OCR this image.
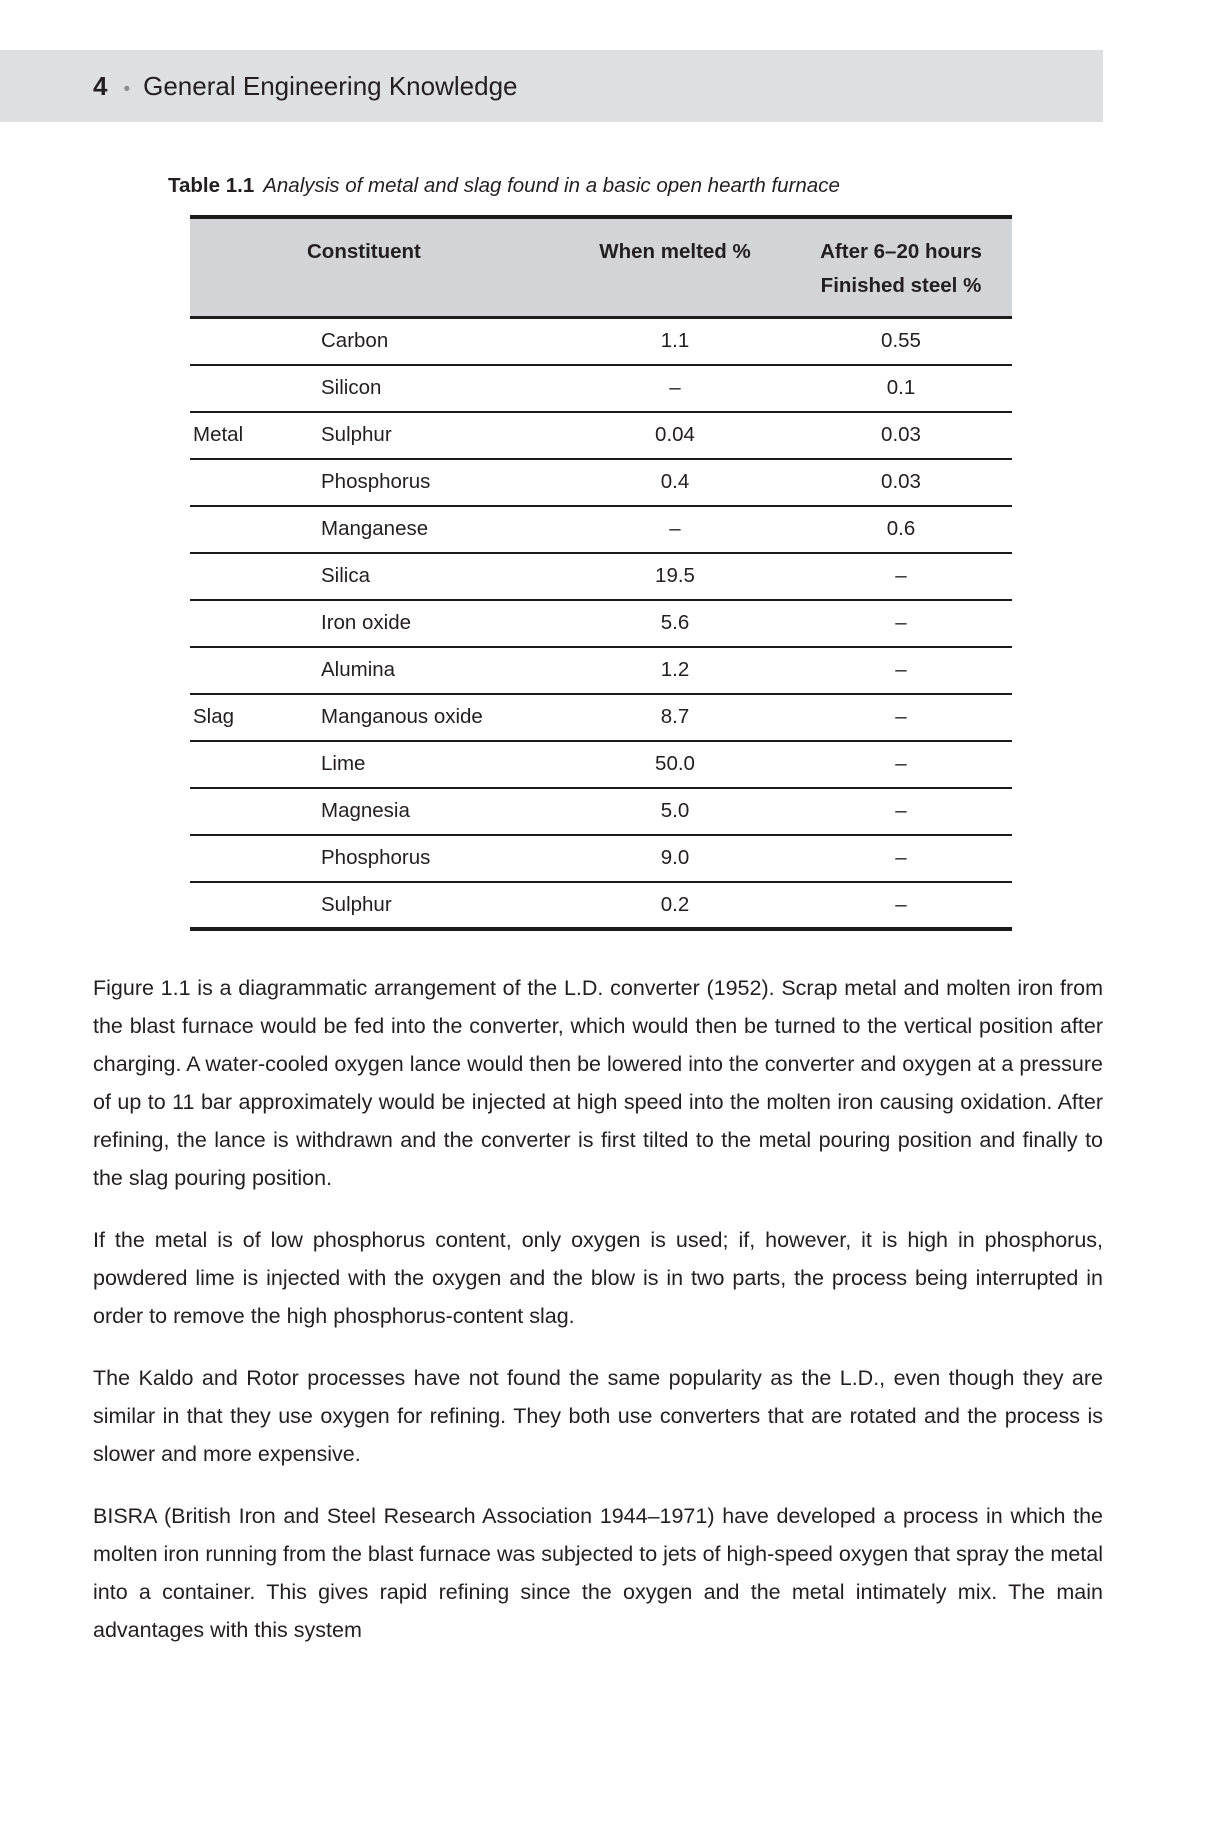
4 • General Engineering Knowledge
Table 1.1 Analysis of metal and slag found in a basic open hearth furnace
	Constituent	When melted %	After 6–20 hours
Finished steel %
	Carbon	1.1	0.55
	Silicon	–	0.1
Metal	Sulphur	0.04	0.03
	Phosphorus	0.4	0.03
	Manganese	–	0.6
	Silica	19.5	–
	Iron oxide	5.6	–
	Alumina	1.2	–
Slag	Manganous oxide	8.7	–
	Lime	50.0	–
	Magnesia	5.0	–
	Phosphorus	9.0	–
	Sulphur	0.2	–

Figure 1.1 is a diagrammatic arrangement of the L.D. converter (1952). Scrap metal and molten iron from the blast furnace would be fed into the converter, which would then be turned to the vertical position after charging. A water-cooled oxygen lance would then be lowered into the converter and oxygen at a pressure of up to 11 bar approximately would be injected at high speed into the molten iron causing oxidation. After refining, the lance is withdrawn and the converter is first tilted to the metal pouring position and finally to the slag pouring position.

If the metal is of low phosphorus content, only oxygen is used; if, however, it is high in phosphorus, powdered lime is injected with the oxygen and the blow is in two parts, the process being interrupted in order to remove the high phosphorus-content slag.

The Kaldo and Rotor processes have not found the same popularity as the L.D., even though they are similar in that they use oxygen for refining. They both use converters that are rotated and the process is slower and more expensive.

BISRA (British Iron and Steel Research Association 1944–1971) have developed a process in which the molten iron running from the blast furnace was subjected to jets of high-speed oxygen that spray the metal into a container. This gives rapid refining since the oxygen and the metal intimately mix. The main advantages with this system
